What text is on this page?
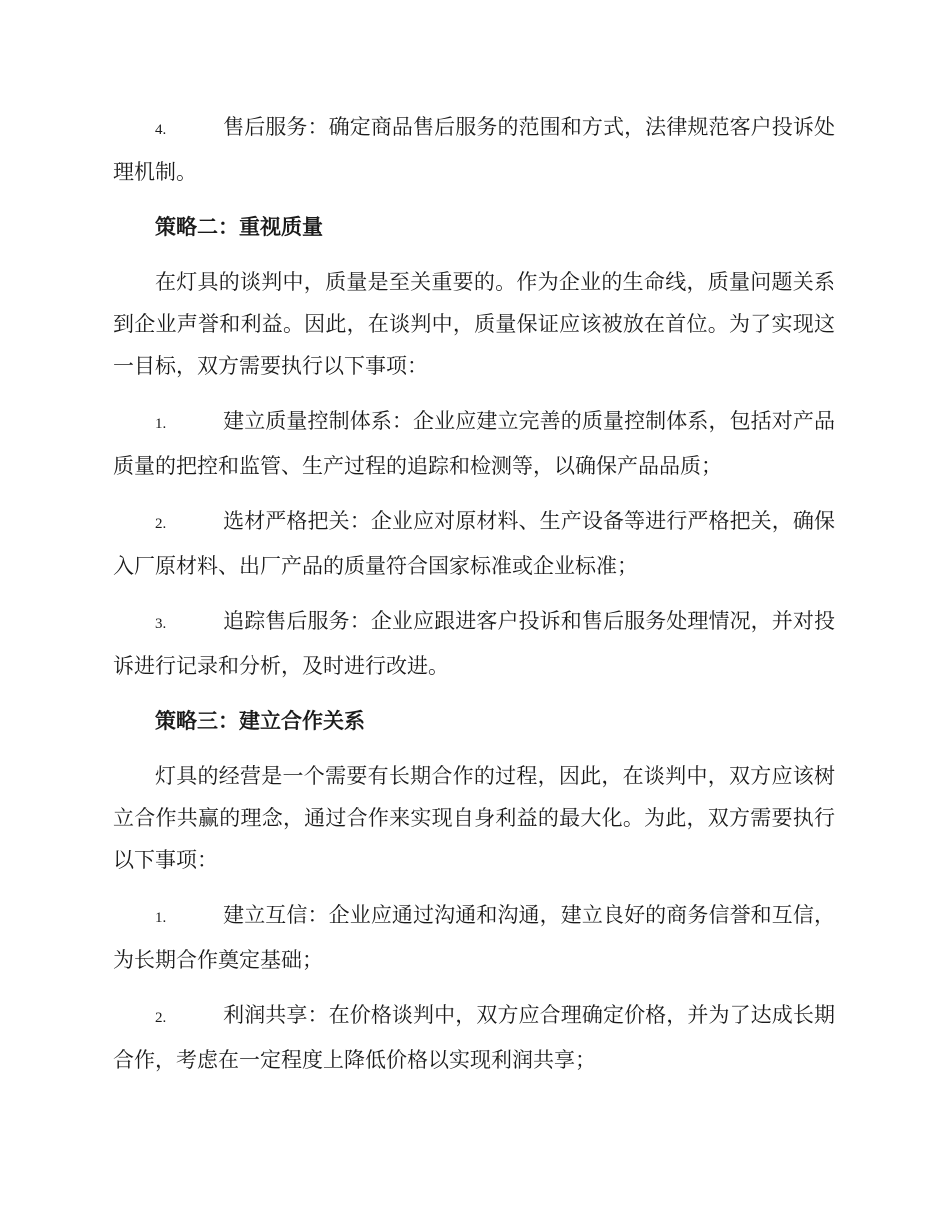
4.	售后服务：确定商品售后服务的范围和方式，法律规范客户投诉处理机制。

策略二：重视质量

在灯具的谈判中，质量是至关重要的。作为企业的生命线，质量问题关系到企业声誉和利益。因此，在谈判中，质量保证应该被放在首位。为了实现这一目标，双方需要执行以下事项：

1.	建立质量控制体系：企业应建立完善的质量控制体系，包括对产品质量的把控和监管、生产过程的追踪和检测等，以确保产品品质；

2.	选材严格把关：企业应对原材料、生产设备等进行严格把关，确保入厂原材料、出厂产品的质量符合国家标准或企业标准；

3.	追踪售后服务：企业应跟进客户投诉和售后服务处理情况，并对投诉进行记录和分析，及时进行改进。

策略三：建立合作关系

灯具的经营是一个需要有长期合作的过程，因此，在谈判中，双方应该树立合作共赢的理念，通过合作来实现自身利益的最大化。为此，双方需要执行以下事项：

1.	建立互信：企业应通过沟通和沟通，建立良好的商务信誉和互信，为长期合作奠定基础；

2.	利润共享：在价格谈判中，双方应合理确定价格，并为了达成长期合作，考虑在一定程度上降低价格以实现利润共享；
